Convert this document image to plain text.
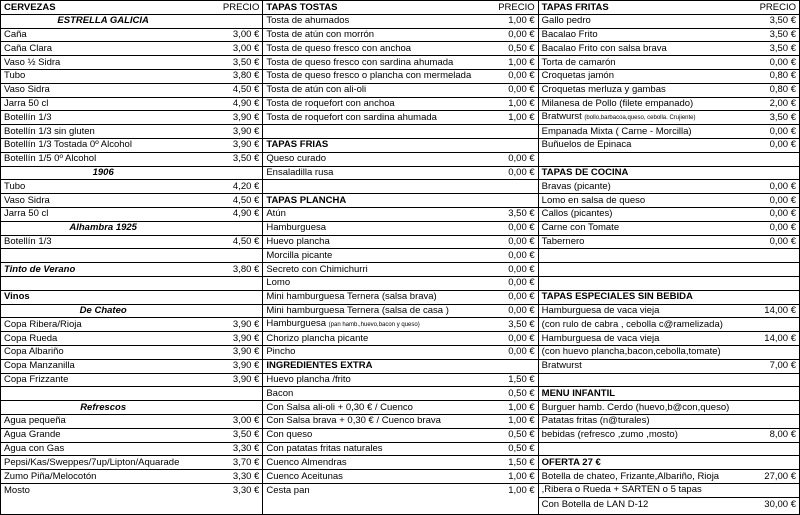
CERVEZAS	PRECIO
ESTRELLA GALICIA
Caña	3,00 €
Caña Clara	3,00 €
Vaso ½ Sidra	3,50 €
Tubo	3,80 €
Vaso Sidra	4,50 €
Jarra 50 cl	4,90 €
Botellín 1/3	3,90 €
Botellín 1/3 sin gluten	3,90 €
Botellín 1/3 Tostada 0º Alcohol	3,90 €
Botellín 1/5 0º Alcohol	3,50 €
1906
Tubo	4,20 €
Vaso Sidra	4,50 €
Jarra 50 cl	4,90 €
Alhambra 1925
Botellín 1/3	4,50 €
Tinto de Verano	3,80 €
Vinos
De Chateo
Copa Ribera/Rioja	3,90 €
Copa Rueda	3,90 €
Copa Albariño	3,90 €
Copa Manzanilla	3,90 €
Copa Frizzante	3,90 €
Refrescos
Agua pequeña	3,00 €
Agua Grande	3,50 €
Agua con Gas	3,30 €
Pepsi/Kas/Sweppes/7up/Lipton/Aquarade	3,70 €
Zumo Piña/Melocotón	3,30 €
Mosto	3,30 €
TAPAS TOSTAS	PRECIO
Tosta de ahumados	1,00 €
Tosta de atún con morrón	0,00 €
Tosta de queso fresco con anchoa	0,50 €
Tosta de queso fresco con sardina ahumada	1,00 €
Tosta de queso fresco o plancha con mermelada	0,00 €
Tosta de atún con ali-oli	0,00 €
Tosta de roquefort con anchoa	1,00 €
Tosta de roquefort con sardina ahumada	1,00 €
TAPAS FRIAS
Queso curado	0,00 €
Ensaladilla rusa	0,00 €
TAPAS PLANCHA
Atún	3,50 €
Hamburguesa	0,00 €
Huevo plancha	0,00 €
Morcilla picante	0,00 €
Secreto con Chimichurri	0,00 €
Lomo	0,00 €
Mini hamburguesa Ternera (salsa brava)	0,00 €
Mini hamburguesa Ternera (salsa de casa )	0,00 €
Hamburguesa (pan hamb.,huevo,bacon y queso)	3,50 €
Chorizo plancha picante	0,00 €
Pincho	0,00 €
INGREDIENTES EXTRA
Huevo plancha /frito	1,50 €
Bacon	0,50 €
Con Salsa ali-oli + 0,30 € / Cuenco	1,00 €
Con Salsa brava + 0,30 € / Cuenco brava	1,00 €
Con queso	0,50 €
Con patatas fritas naturales	0,50 €
Cuenco Almendras	1,50 €
Cuenco Aceitunas	1,00 €
Cesta pan	1,00 €
TAPAS FRITAS	PRECIO
Gallo pedro	3,50 €
Bacalao Frito	3,50 €
Bacalao Frito con salsa brava	3,50 €
Torta de camarón	0,00 €
Croquetas jamón	0,80 €
Croquetas merluza y gambas	0,80 €
Milanesa de Pollo (filete empanado)	2,00 €
Bratwurst (bollo,barbacoa,queso, cebolla. Crujiente)	3,50 €
Empanada Mixta ( Carne - Morcilla)	0,00 €
Buñuelos de Epinaca	0,00 €
TAPAS DE COCINA
Bravas (picante)	0,00 €
Lomo en salsa de queso	0,00 €
Callos (picantes)	0,00 €
Carne con Tomate	0,00 €
Tabernero	0,00 €
TAPAS ESPECIALES SIN BEBIDA
Hamburguesa de vaca vieja	14,00 €
(con rulo de cabra , cebolla c@ramelizada)
Hamburguesa de vaca vieja	14,00 €
(con huevo plancha,bacon,cebolla,tomate)
Bratwurst	7,00 €
MENU INFANTIL
Burguer hamb. Cerdo (huevo,b@con,queso)
Patatas fritas (n@turales)
bebidas (refresco ,zumo ,mosto)	8,00 €
OFERTA 27 €
Botella de chateo, Frizante,Albariño, Rioja	27,00 €
,Ribera o Rueda + SARTEN o 5 tapas
Con Botella de LAN D-12	30,00 €
